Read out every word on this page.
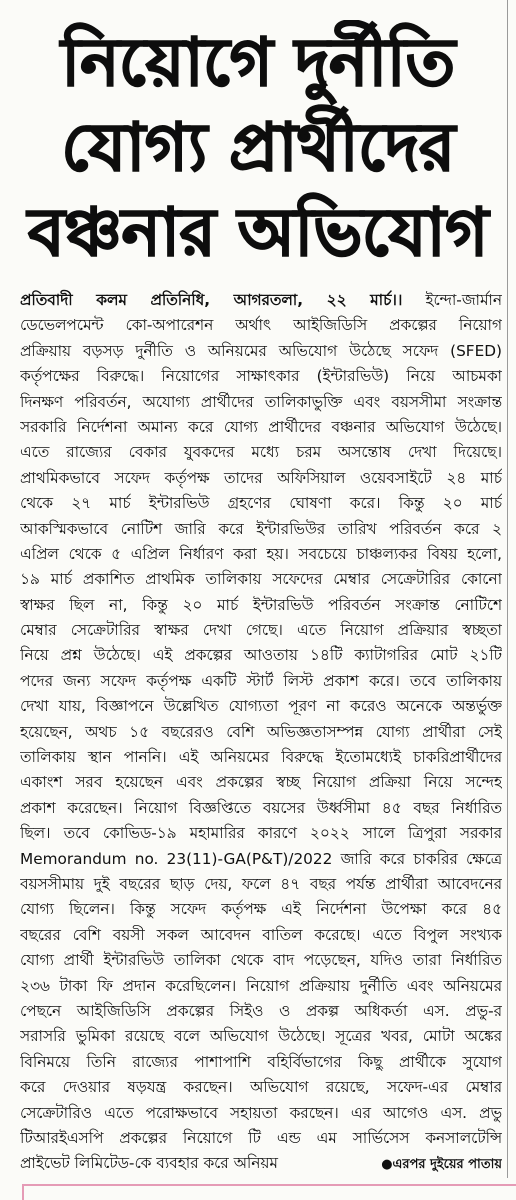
নিয়োগে দুর্নীতি
যোগ্য প্রার্থীদের
বঞ্চনার অভিযোগ
প্রতিবাদী কলম প্রতিনিধি, আগরতলা, ২২ মার্চ।। ইন্দো-জার্মান
ডেভেলপমেন্ট কো-অপারেশন অর্থাৎ আইজিডিসি প্রকল্পের নিয়োগ
প্রক্রিয়ায় বড়সড় দুর্নীতি ও অনিয়মের অভিযোগ উঠেছে সফেদ (SFED)
কর্তৃপক্ষের বিরুদ্ধে। নিয়োগের সাক্ষাৎকার (ইন্টারভিউ) নিয়ে আচমকা
দিনক্ষণ পরিবর্তন, অযোগ্য প্রার্থীদের তালিকাভুক্তি এবং বয়সসীমা সংক্রান্ত
সরকারি নির্দেশনা অমান্য করে যোগ্য প্রার্থীদের বঞ্চনার অভিযোগ উঠেছে।
এতে রাজ্যের বেকার যুবকদের মধ্যে চরম অসন্তোষ দেখা দিয়েছে।
প্রাথমিকভাবে সফেদ কর্তৃপক্ষ তাদের অফিসিয়াল ওয়েবসাইটে ২৪ মার্চ
থেকে ২৭ মার্চ ইন্টারভিউ গ্রহণের ঘোষণা করে। কিন্তু ২০ মার্চ
আকস্মিকভাবে নোটিশ জারি করে ইন্টারভিউর তারিখ পরিবর্তন করে ২
এপ্রিল থেকে ৫ এপ্রিল নির্ধারণ করা হয়। সবচেয়ে চাঞ্চল্যকর বিষয় হলো,
১৯ মার্চ প্রকাশিত প্রাথমিক তালিকায় সফেদের মেম্বার সেক্রেটারির কোনো
স্বাক্ষর ছিল না, কিন্তু ২০ মার্চ ইন্টারভিউ পরিবর্তন সংক্রান্ত নোটিশে
মেম্বার সেক্রেটারির স্বাক্ষর দেখা গেছে। এতে নিয়োগ প্রক্রিয়ার স্বচ্ছতা
নিয়ে প্রশ্ন উঠেছে। এই প্রকল্পের আওতায় ১৪টি ক্যাটাগরির মোট ২১টি
পদের জন্য সফেদ কর্তৃপক্ষ একটি স্টার্ট লিস্ট প্রকাশ করে। তবে তালিকায়
দেখা যায়, বিজ্ঞাপনে উল্লেখিত যোগ্যতা পূরণ না করেও অনেকে অন্তর্ভুক্ত
হয়েছেন, অথচ ১৫ বছরেরও বেশি অভিজ্ঞতাসম্পন্ন যোগ্য প্রার্থীরা সেই
তালিকায় স্থান পাননি। এই অনিয়মের বিরুদ্ধে ইতোমধ্যেই চাকরিপ্রার্থীদের
একাংশ সরব হয়েছেন এবং প্রকল্পের স্বচ্ছ নিয়োগ প্রক্রিয়া নিয়ে সন্দেহ
প্রকাশ করেছেন। নিয়োগ বিজ্ঞপ্তিতে বয়সের উর্ধ্বসীমা ৪৫ বছর নির্ধারিত
ছিল। তবে কোভিড-১৯ মহামারির কারণে ২০২২ সালে ত্রিপুরা সরকার
Memorandum no. 23(11)-GA(P&T)/2022 জারি করে চাকরির ক্ষেত্রে
বয়সসীমায় দুই বছরের ছাড় দেয়, ফলে ৪৭ বছর পর্যন্ত প্রার্থীরা আবেদনের
যোগ্য ছিলেন। কিন্তু সফেদ কর্তৃপক্ষ এই নির্দেশনা উপেক্ষা করে ৪৫
বছরের বেশি বয়সী সকল আবেদন বাতিল করেছে। এতে বিপুল সংখ্যক
যোগ্য প্রার্থী ইন্টারভিউ তালিকা থেকে বাদ পড়েছেন, যদিও তারা নির্ধারিত
২৩৬ টাকা ফি প্রদান করেছিলেন। নিয়োগ প্রক্রিয়ায় দুর্নীতি এবং অনিয়মের
পেছনে আইজিডিসি প্রকল্পের সিইও ও প্রকল্প অধিকর্তা এস. প্রভু-র
সরাসরি ভুমিকা রয়েছে বলে অভিযোগ উঠেছে। সূত্রের খবর, মোটা অঙ্কের
বিনিময়ে তিনি রাজ্যের পাশাপাশি বহির্বিভাগের কিছু প্রার্থীকে সুযোগ
করে দেওয়ার ষড়যন্ত্র করছেন। অভিযোগ রয়েছে, সফেদ-এর মেম্বার
সেক্রেটারিও এতে পরোক্ষভাবে সহায়তা করছেন। এর আগেও এস. প্রভু
টিআরইএসপি প্রকল্পের নিয়োগে টি এন্ড এম সার্ভিসেস কনসালটেন্সি
প্রাইভেট লিমিটেড-কে ব্যবহার করে অনিয়ম	●এরপর দুইয়ের পাতায়
